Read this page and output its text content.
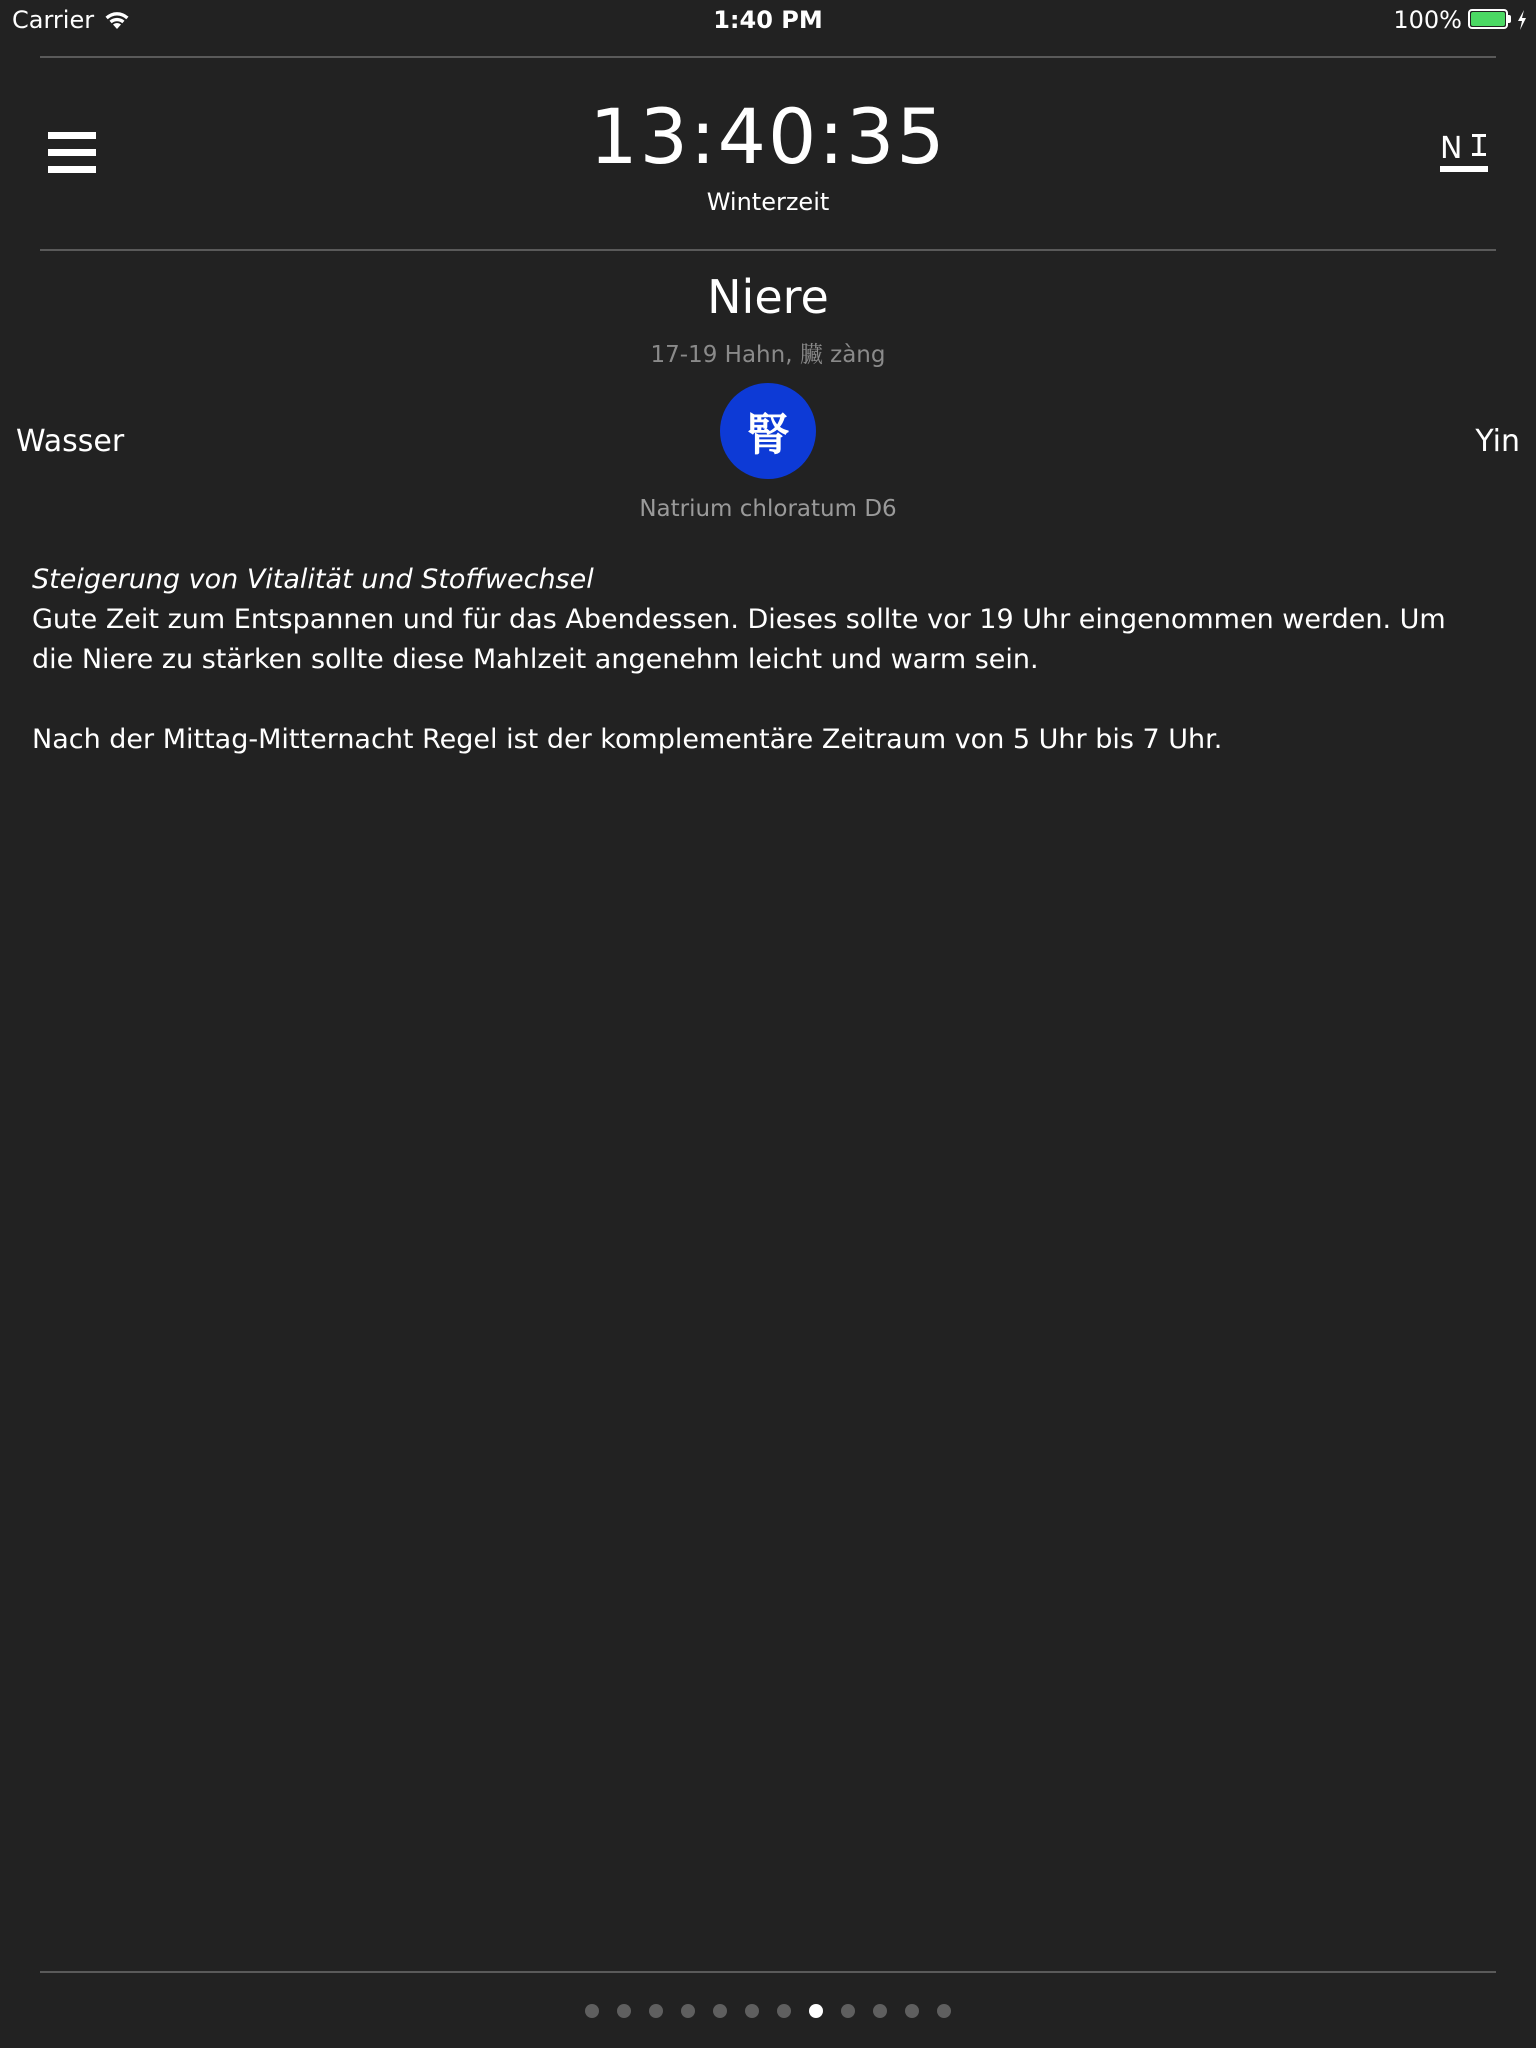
Carrier	1:40 PM	100%
13:40:35
Winterzeit
N
Niere
17-19 Hahn, 臟 zàng
Wasser	腎	Yin
Natrium chloratum D6

Steigerung von Vitalität und Stoffwechsel

Gute Zeit zum Entspannen und für das Abendessen. Dieses sollte vor 19 Uhr eingenommen werden. Um die Niere zu stärken sollte diese Mahlzeit angenehm leicht und warm sein.

Nach der Mittag-Mitternacht Regel ist der komplementäre Zeitraum von 5 Uhr bis 7 Uhr.
